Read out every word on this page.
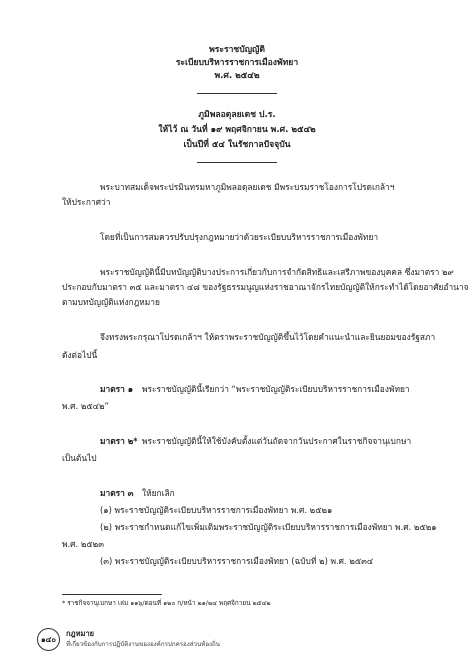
พระราชบัญญัติ
ระเบียบบริหารราชการเมืองพัทยา
พ.ศ. ๒๕๔๒
ภูมิพลอดุลยเดช ป.ร.
ให้ไว้ ณ วันที่ ๑๙ พฤศจิกายน พ.ศ. ๒๕๔๒
เป็นปีที่ ๕๔ ในรัชกาลปัจจุบัน
พระบาทสมเด็จพระปรมินทรมหาภูมิพลอดุลยเดช มีพระบรมราชโองการโปรดเกล้าฯ
ให้ประกาศว่า
โดยที่เป็นการสมควรปรับปรุงกฎหมายว่าด้วยระเบียบบริหารราชการเมืองพัทยา
พระราชบัญญัตินี้มีบทบัญญัติบางประการเกี่ยวกับการจำกัดสิทธิและเสรีภาพของบุคคล ซึ่งมาตรา ๒๙
ประกอบกับมาตรา ๓๕ และมาตรา ๔๘ ของรัฐธรรมนูญแห่งราชอาณาจักรไทยบัญญัติให้กระทำได้โดยอาศัยอำนาจ
ตามบทบัญญัติแห่งกฎหมาย
จึงทรงพระกรุณาโปรดเกล้าฯ ให้ตราพระราชบัญญัติขึ้นไว้โดยคำแนะนำและยินยอมของรัฐสภา
ดังต่อไปนี้
มาตรา ๑ พระราชบัญญัตินี้เรียกว่า “พระราชบัญญัติระเบียบบริหารราชการเมืองพัทยา
พ.ศ. ๒๕๔๒”
มาตรา ๒* พระราชบัญญัตินี้ให้ใช้บังคับตั้งแต่วันถัดจากวันประกาศในราชกิจจานุเบกษา
เป็นต้นไป
มาตรา ๓ ให้ยกเลิก
(๑) พระราชบัญญัติระเบียบบริหารราชการเมืองพัทยา พ.ศ. ๒๕๒๑
(๒) พระราชกำหนดแก้ไขเพิ่มเติมพระราชบัญญัติระเบียบบริหารราชการเมืองพัทยา พ.ศ. ๒๕๒๑
พ.ศ. ๒๕๒๓
(๓) พระราชบัญญัติระเบียบบริหารราชการเมืองพัทยา (ฉบับที่ ๒) พ.ศ. ๒๕๓๔
* ราชกิจจานุเบกษา เล่ม ๑๑๖/ตอนที่ ๑๒๐ ก/หน้า ๒๑/๒๔ พฤศจิกายน ๒๕๔๒
๑๔๐
กฎหมาย
ที่เกี่ยวข้องกับการปฏิบัติงานขององค์กรปกครองส่วนท้องถิ่น
